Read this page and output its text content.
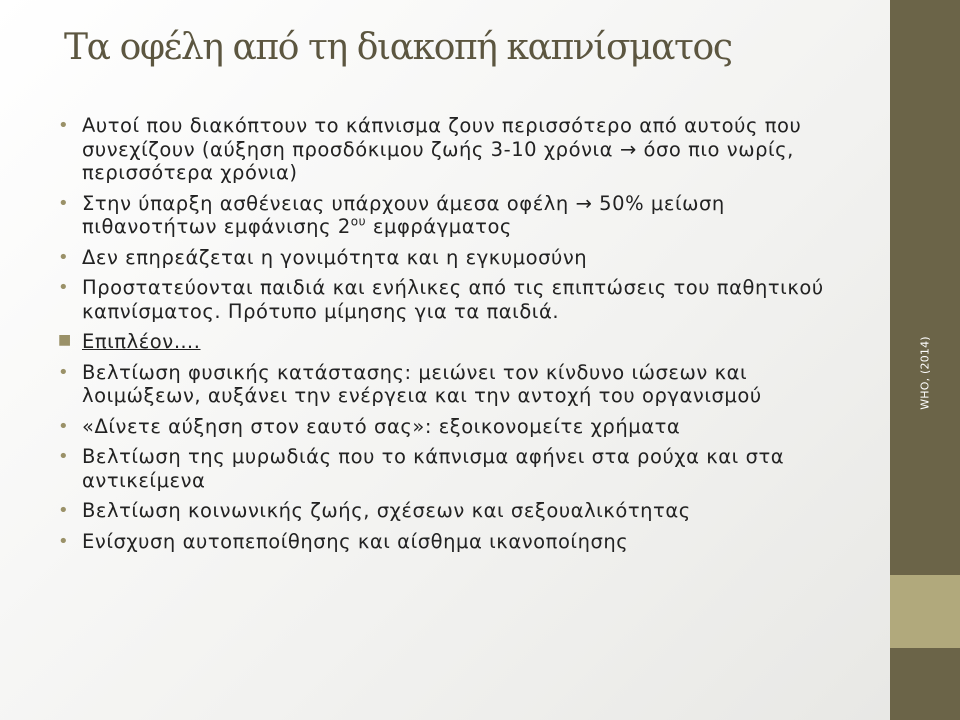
WHO, (2014)
Τα οφέλη από τη διακοπή καπνίσματος
• Αυτοί που διακόπτουν το κάπνισμα ζουν περισσότερο από αυτούς που συνεχίζουν (αύξηση προσδόκιμου ζωής 3-10 χρόνια → όσο πιο νωρίς, περισσότερα χρόνια)
• Στην ύπαρξη ασθένειας υπάρχουν άμεσα οφέλη → 50% μείωση πιθανοτήτων εμφάνισης $2^{o\upsilon}$ εμφράγματος
• Δεν επηρεάζεται η γονιμότητα και η εγκυμοσύνη
• Προστατεύονται παιδιά και ενήλικες από τις επιπτώσεις του παθητικού καπνίσματος. Πρότυπο μίμησης για τα παιδιά.
■ Επιπλέον….
• Βελτίωση φυσικής κατάστασης: μειώνει τον κίνδυνο ιώσεων και λοιμώξεων, αυξάνει την ενέργεια και την αντοχή του οργανισμού
• «Δίνετε αύξηση στον εαυτό σας»: εξοικονομείτε χρήματα
• Βελτίωση της μυρωδιάς που το κάπνισμα αφήνει στα ρούχα και στα αντικείμενα
• Βελτίωση κοινωνικής ζωής, σχέσεων και σεξουαλικότητας
• Ενίσχυση αυτοπεποίθησης και αίσθημα ικανοποίησης
